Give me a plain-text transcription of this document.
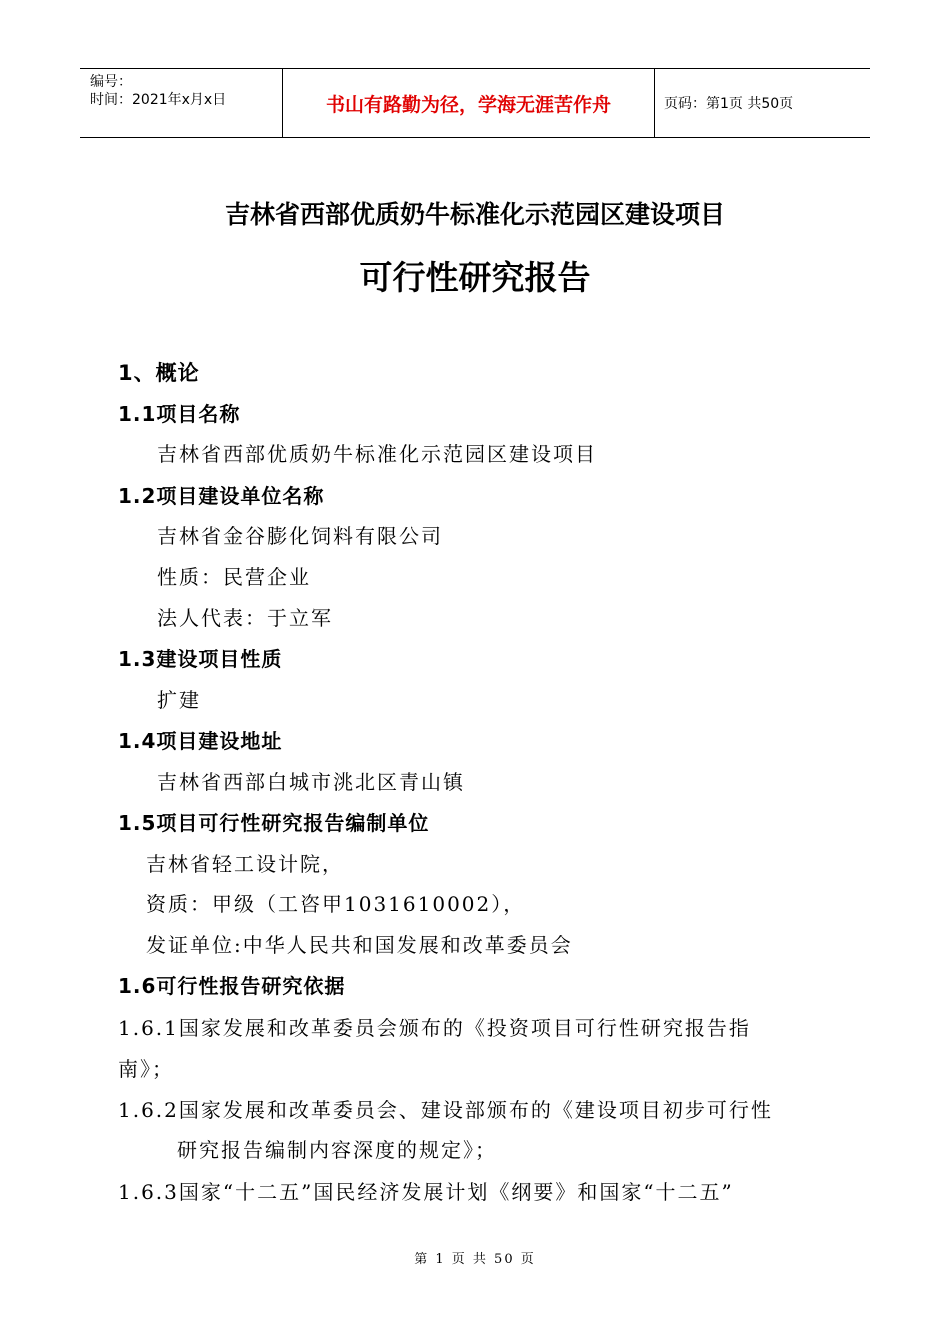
编号：
时间：2021年x月x日	书山有路勤为径，学海无涯苦作舟	页码：第1页 共50页
吉林省西部优质奶牛标准化示范园区建设项目
可行性研究报告
1、概论
1.1项目名称
吉林省西部优质奶牛标准化示范园区建设项目
1.2项目建设单位名称
吉林省金谷膨化饲料有限公司
性质：民营企业
法人代表：于立军
1.3建设项目性质
扩建
1.4项目建设地址
吉林省西部白城市洮北区青山镇
1.5项目可行性研究报告编制单位
吉林省轻工设计院，
资质：甲级（工咨甲1031610002），
发证单位:中华人民共和国发展和改革委员会
1.6可行性报告研究依据
1.6.1国家发展和改革委员会颁布的《投资项目可行性研究报告指
南》；
1.6.2国家发展和改革委员会、建设部颁布的《建设项目初步可行性
研究报告编制内容深度的规定》；
1.6.3国家“十二五”国民经济发展计划《纲要》和国家“十二五”
第 1 页 共 50 页
